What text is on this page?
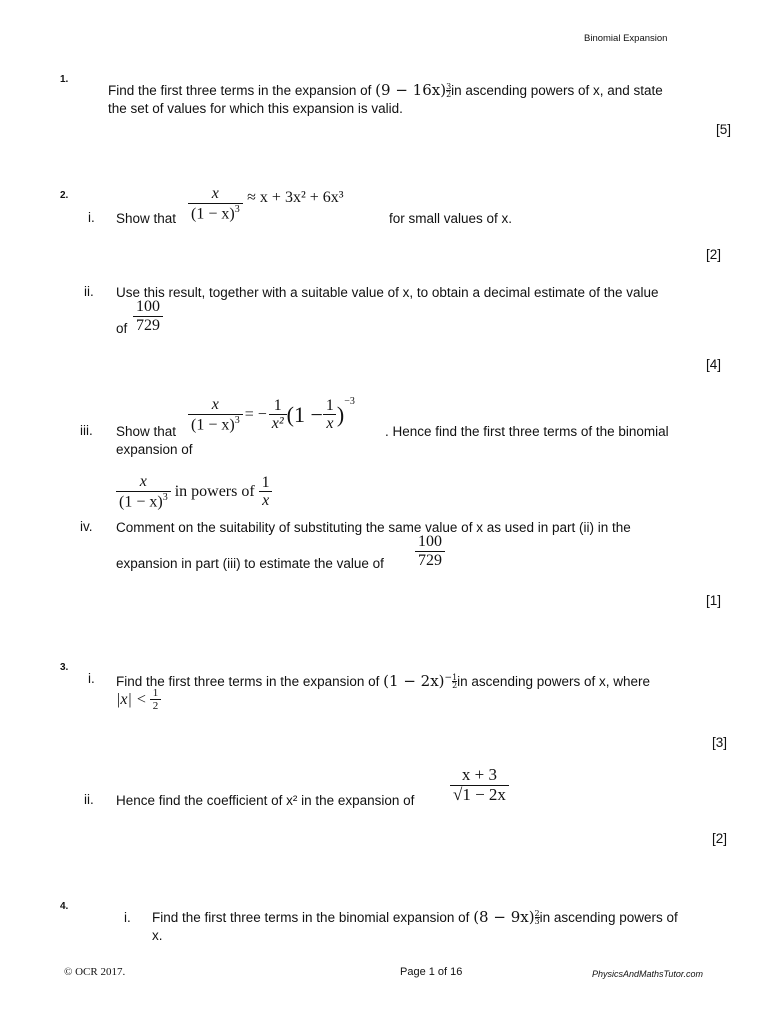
Binomial Expansion
1.
Find the first three terms in the expansion of $(9 - 16x) \frac{3}{2}$ in ascending powers of x, and state
the set of values for which this expansion is valid.
[5]
2.
i. Show that $\frac{x}{(1 - x)^3} \approx x + 3x^2 + 6x^3$
for small values of x.
[2]
ii. Use this result, together with a suitable value of x, to obtain a decimal estimate of the value
of $\frac{100}{729}$
[4]
iii. Show that $\frac{x}{(1 - x)^3}$ = − $\frac{1}{\text{x²}} (1 - \frac{1}{x}$ )
−3
. Hence find the first three terms of the binomial
expansion of
$\frac{x}{(1 - x)^3}$ in powers of $\frac{1}{x}$
iv. Comment on the suitability of substituting the same value of x as used in part (ii) in the
expansion in part (iii) to estimate the value of $\frac{100}{729}$
[1]
3.
i. Find the first three terms in the expansion of $(1 - 2x)^- \frac{1}{2}$ in ascending powers of x, where
$|x| < \frac{1}{2}$
[3]
ii. Hence find the coefficient of x² in the expansion of $\frac{x + 3}{√1 - 2x}$
[2]
4.
i. Find the first three terms in the binomial expansion of $(8 - 9x) \frac{2}{3}$ in ascending powers of
x.
© OCR 2017.	Page 1 of 16	PhysicsAndMathsTutor.com
